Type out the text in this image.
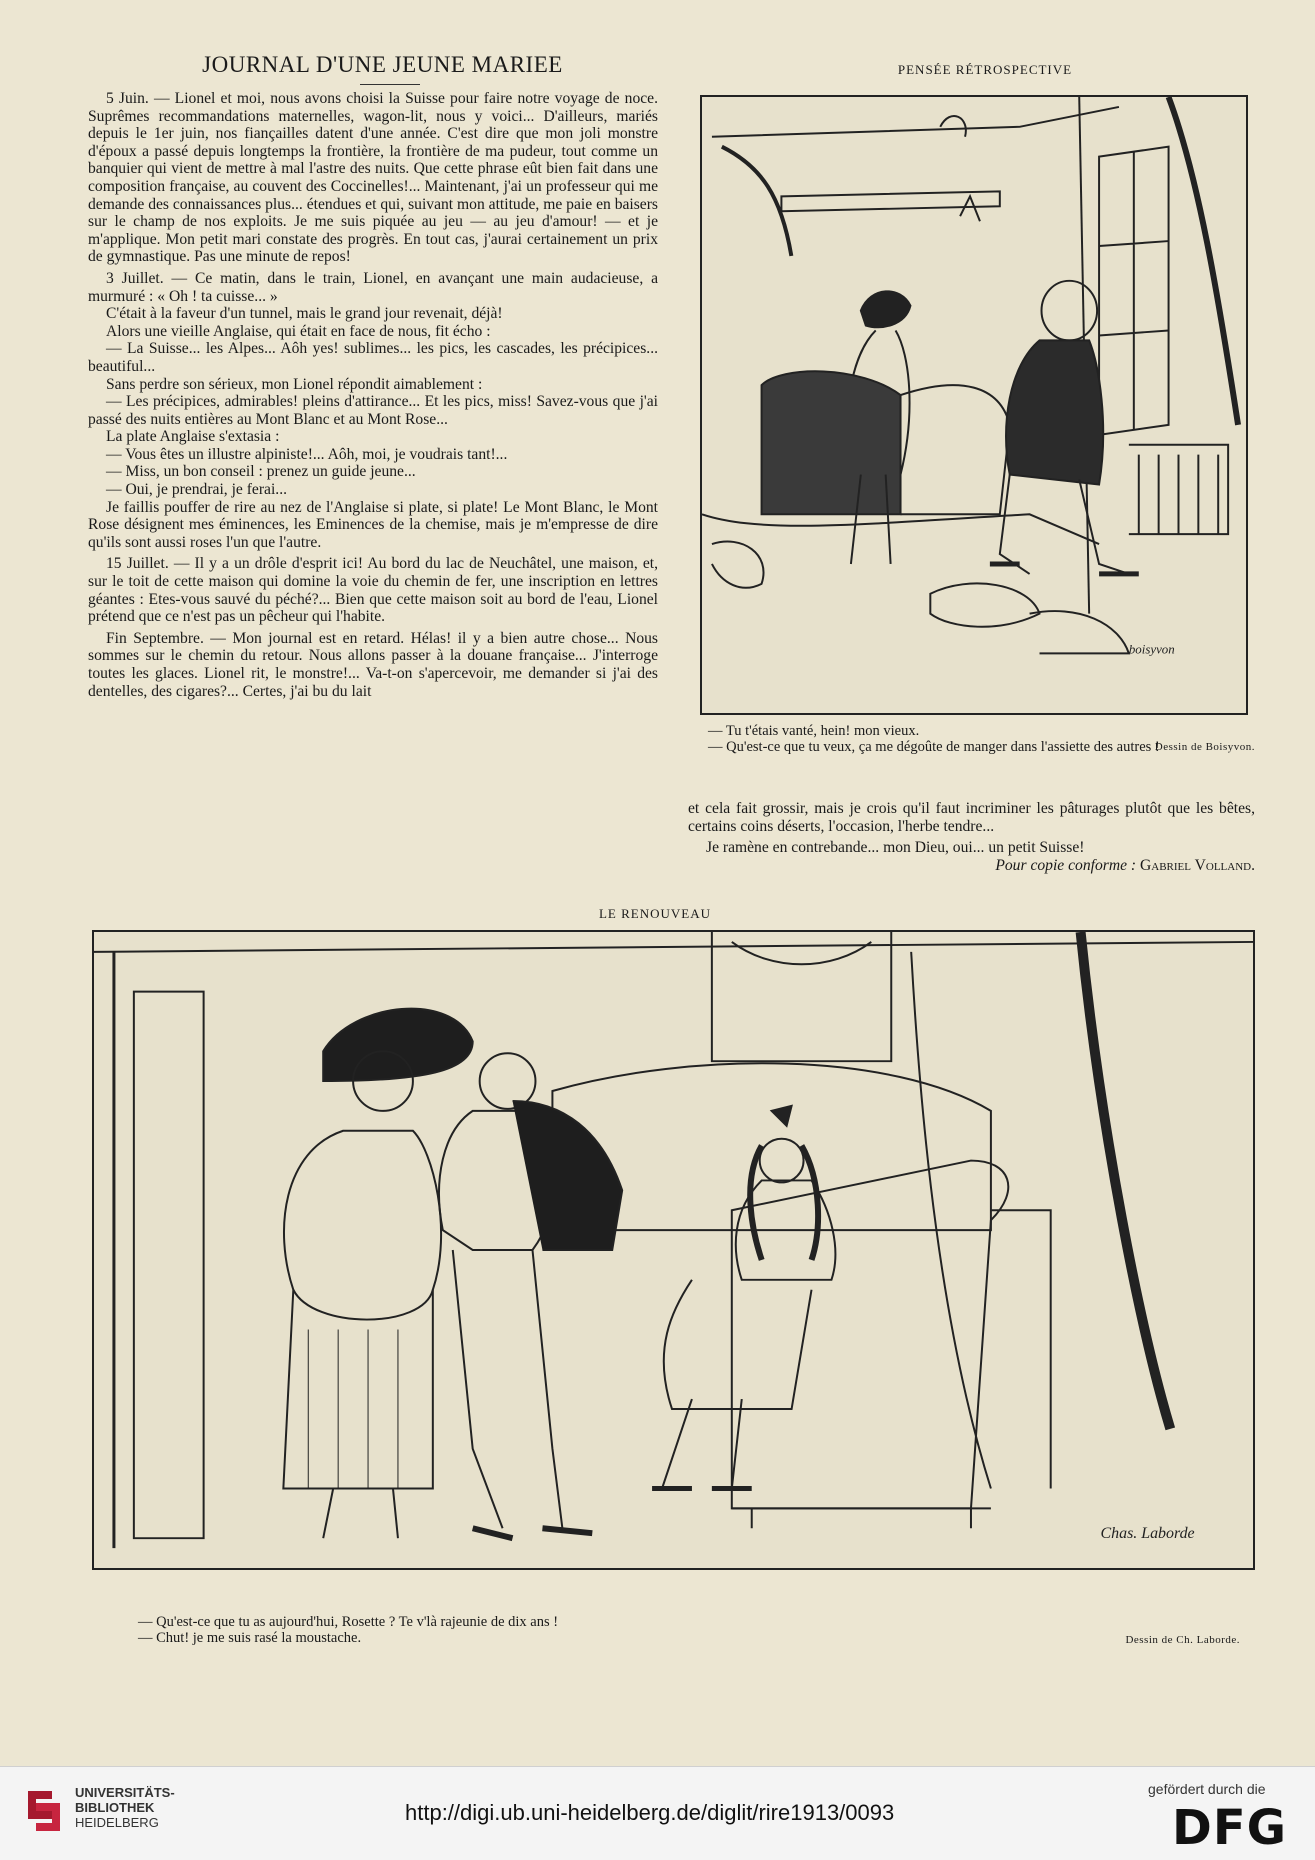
JOURNAL D'UNE JEUNE MARIEE

5 Juin. — Lionel et moi, nous avons choisi la Suisse pour faire notre voyage de noce. Suprêmes recommandations maternelles, wagon-lit, nous y voici... D'ailleurs, mariés depuis le 1er juin, nos fiançailles datent d'une année. C'est dire que mon joli monstre d'époux a passé depuis longtemps la frontière, la frontière de ma pudeur, tout comme un banquier qui vient de mettre à mal l'astre des nuits. Que cette phrase eût bien fait dans une composition française, au couvent des Coccinelles!... Maintenant, j'ai un professeur qui me demande des connaissances plus... étendues et qui, suivant mon attitude, me paie en baisers sur le champ de nos exploits. Je me suis piquée au jeu — au jeu d'amour! — et je m'applique. Mon petit mari constate des progrès. En tout cas, j'aurai certainement un prix de gymnastique. Pas une minute de repos!

3 Juillet. — Ce matin, dans le train, Lionel, en avançant une main audacieuse, a murmuré : « Oh ! ta cuisse... »

C'était à la faveur d'un tunnel, mais le grand jour revenait, déjà!

Alors une vieille Anglaise, qui était en face de nous, fit écho :

— La Suisse... les Alpes... Aôh yes! sublimes... les pics, les cascades, les précipices... beautiful...

Sans perdre son sérieux, mon Lionel répondit aimablement :

— Les précipices, admirables! pleins d'attirance... Et les pics, miss! Savez-vous que j'ai passé des nuits entières au Mont Blanc et au Mont Rose...

La plate Anglaise s'extasia :

— Vous êtes un illustre alpiniste!... Aôh, moi, je voudrais tant!...

— Miss, un bon conseil : prenez un guide jeune...

— Oui, je prendrai, je ferai...

Je faillis pouffer de rire au nez de l'Anglaise si plate, si plate! Le Mont Blanc, le Mont Rose désignent mes éminences, les Eminences de la chemise, mais je m'empresse de dire qu'ils sont aussi roses l'un que l'autre.

15 Juillet. — Il y a un drôle d'esprit ici! Au bord du lac de Neuchâtel, une maison, et, sur le toit de cette maison qui domine la voie du chemin de fer, une inscription en lettres géantes : Etes-vous sauvé du péché?... Bien que cette maison soit au bord de l'eau, Lionel prétend que ce n'est pas un pêcheur qui l'habite.

Fin Septembre. — Mon journal est en retard. Hélas! il y a bien autre chose... Nous sommes sur le chemin du retour. Nous allons passer à la douane française... J'interroge toutes les glaces. Lionel rit, le monstre!... Va-t-on s'apercevoir, me demander si j'ai des dentelles, des cigares?... Certes, j'ai bu du lait

PENSÉE RÉTROSPECTIVE
boisyvon
— Tu t'étais vanté, hein! mon vieux.
— Qu'est-ce que tu veux, ça me dégoûte de manger dans l'assiette des autres !
Dessin de Boisyvon.

et cela fait grossir, mais je crois qu'il faut incriminer les pâturages plutôt que les bêtes, certains coins déserts, l'occasion, l'herbe tendre...

Je ramène en contrebande... mon Dieu, oui... un petit Suisse!

Pour copie conforme : Gabriel Volland.
LE RENOUVEAU
Chas. Laborde
— Qu'est-ce que tu as aujourd'hui, Rosette ? Te v'là rajeunie de dix ans !
— Chut! je me suis rasé la moustache.	Dessin de Ch. Laborde.
UNIVERSITÄTS-
BIBLIOTHEK
HEIDELBERG	http://digi.ub.uni-heidelberg.de/diglit/rire1913/0093
gefördert durch die
DFG
